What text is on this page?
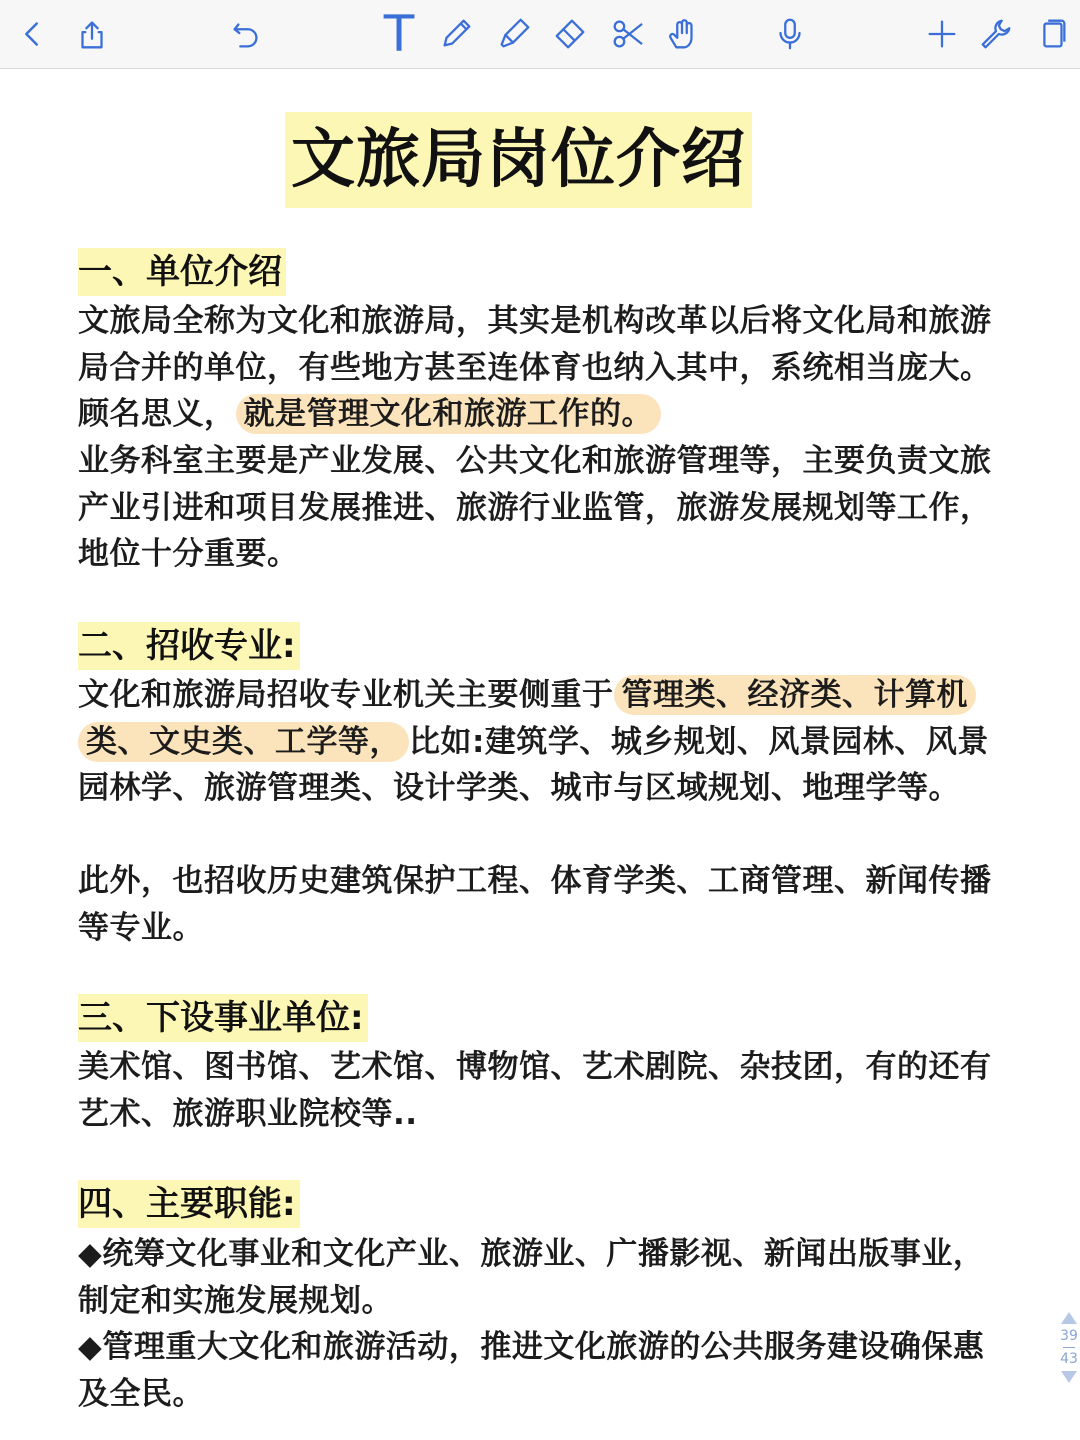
T
文旅局岗位介绍
一、单位介绍
文旅局全称为文化和旅游局，其实是机构改革以后将文化局和旅游局合并的单位，有些地方甚至连体育也纳入其中，系统相当庞大。顾名思义， 就是管理文化和旅游工作的。
业务科室主要是产业发展、公共文化和旅游管理等，主要负责文旅产业引进和项目发展推进、旅游行业监管，旅游发展规划等工作，地位十分重要。
二、招收专业:
文化和旅游局招收专业机关主要侧重于 管理类、经济类、计算机类、文史类、工学等， 比如:建筑学、城乡规划、风景园林、风景园林学、旅游管理类、设计学类、城市与区域规划、地理学等。
此外，也招收历史建筑保护工程、体育学类、工商管理、新闻传播等专业。
三、下设事业单位:
美术馆、图书馆、艺术馆、博物馆、艺术剧院、杂技团，有的还有艺术、旅游职业院校等..
四、主要职能:
◆统筹文化事业和文化产业、旅游业、广播影视、新闻出版事业，制定和实施发展规划。
◆管理重大文化和旅游活动，推进文化旅游的公共服务建设确保惠及全民。
39
43
